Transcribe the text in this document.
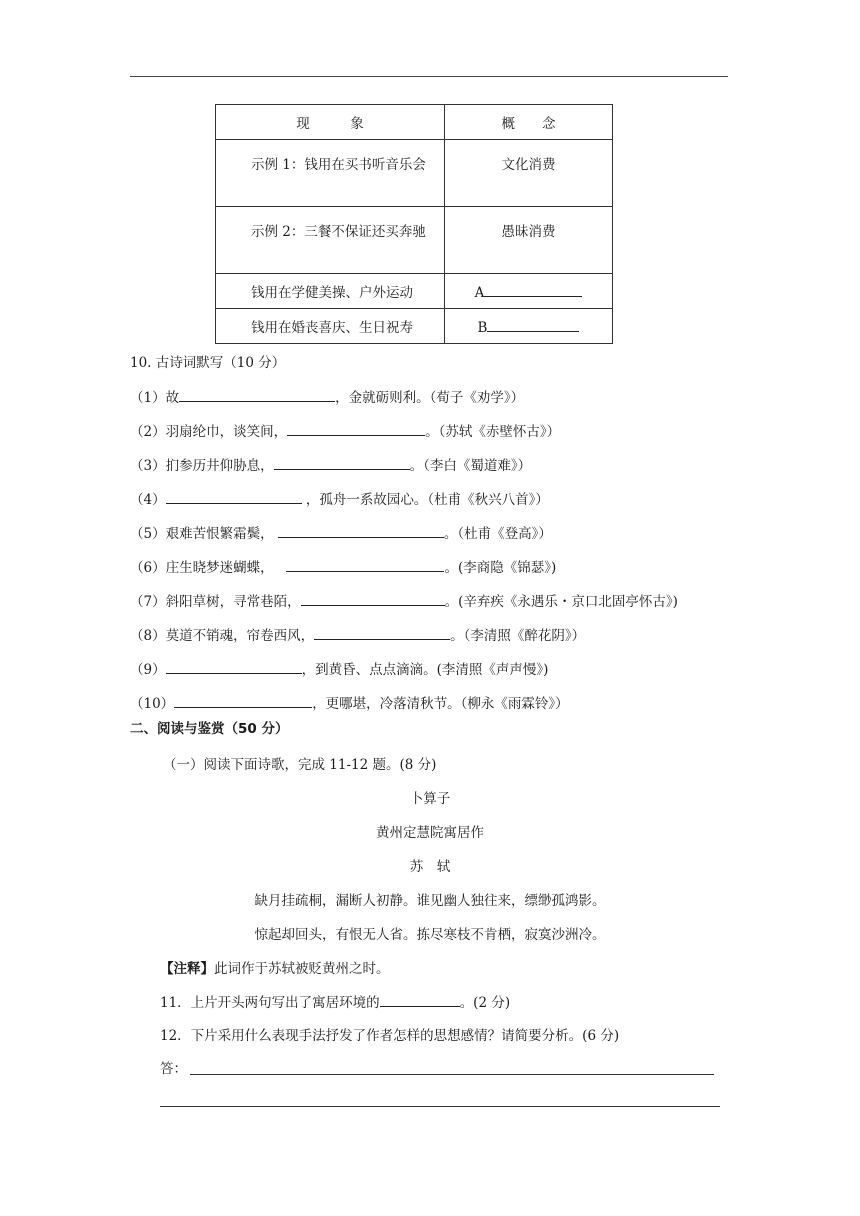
现　　　象	概　　念

示例 1：钱用在买书听音乐会	文化消费

示例 2：三餐不保证还买奔驰	愚昧消费

钱用在学健美操、户外运动	A

钱用在婚丧喜庆、生日祝寿	B
10. 古诗词默写（10 分）
（1）故	，金就砺则利。（荀子《劝学》）
（2）羽扇纶巾，谈笑间，	。（苏轼《赤壁怀古》）
（3）扪参历井仰胁息，	。（李白《蜀道难》）
（4）	，孤舟一系故园心。（杜甫《秋兴八首》）
（5）艰难苦恨繁霜鬓，	。（杜甫《登高》）
（6）庄生晓梦迷蝴蝶，	。(李商隐《锦瑟》)
（7）斜阳草树，寻常巷陌，	。(辛弃疾《永遇乐・京口北固亭怀古》)
（8）莫道不销魂，帘卷西风，	。（李清照《醉花阴》）
（9）	，到黄昏、点点滴滴。(李清照《声声慢》)
（10）	，更哪堪，冷落清秋节。（柳永《雨霖铃》）
二、阅读与鉴赏（50 分）
（一）阅读下面诗歌，完成 11-12 题。(8 分)
卜算子
黄州定慧院寓居作
苏　轼
缺月挂疏桐，漏断人初静。谁见幽人独往来，缥缈孤鸿影。
惊起却回头，有恨无人省。拣尽寒枝不肯栖，寂寞沙洲冷。
【注释】此词作于苏轼被贬黄州之时。
11．上片开头两句写出了寓居环境的	。(2 分)
12．下片采用什么表现手法抒发了作者怎样的思想感情？请简要分析。(6 分)
答：
